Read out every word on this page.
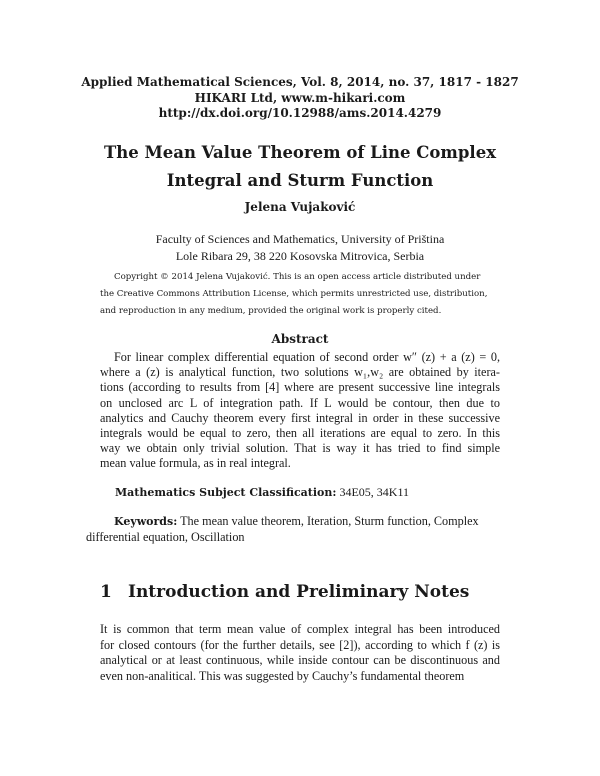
Applied Mathematical Sciences, Vol. 8, 2014, no. 37, 1817 - 1827
HIKARI Ltd, www.m-hikari.com
http://dx.doi.org/10.12988/ams.2014.4279
The Mean Value Theorem of Line Complex
Integral and Sturm Function
Jelena Vujaković
Faculty of Sciences and Mathematics, University of Priština
Lole Ribara 29, 38 220 Kosovska Mitrovica, Serbia
Copyright © 2014 Jelena Vujaković. This is an open access article distributed under
the Creative Commons Attribution License, which permits unrestricted use, distribution,
and reproduction in any medium, provided the original work is properly cited.
Abstract
For linear complex differential equation of second order w″ (z) + a (z) = 0,
where a (z) is analytical function, two solutions w₁,w₂ are obtained by itera-
tions (according to results from [4] where are present successive line integrals
on unclosed arc L of integration path. If L would be contour, then due to
analytics and Cauchy theorem every first integral in order in these successive
integrals would be equal to zero, then all iterations are equal to zero. In this
way we obtain only trivial solution. That is way it has tried to find simple
mean value formula, as in real integral.
Mathematics Subject Classification: 34E05, 34K11
Keywords: The mean value theorem, Iteration, Sturm function, Complex
differential equation, Oscillation
1 Introduction and Preliminary Notes
It is common that term mean value of complex integral has been introduced
for closed contours (for the further details, see [2]), according to which f (z) is
analytical or at least continuous, while inside contour can be discontinuous and
even non-analitical. This was suggested by Cauchy’s fundamental theorem
